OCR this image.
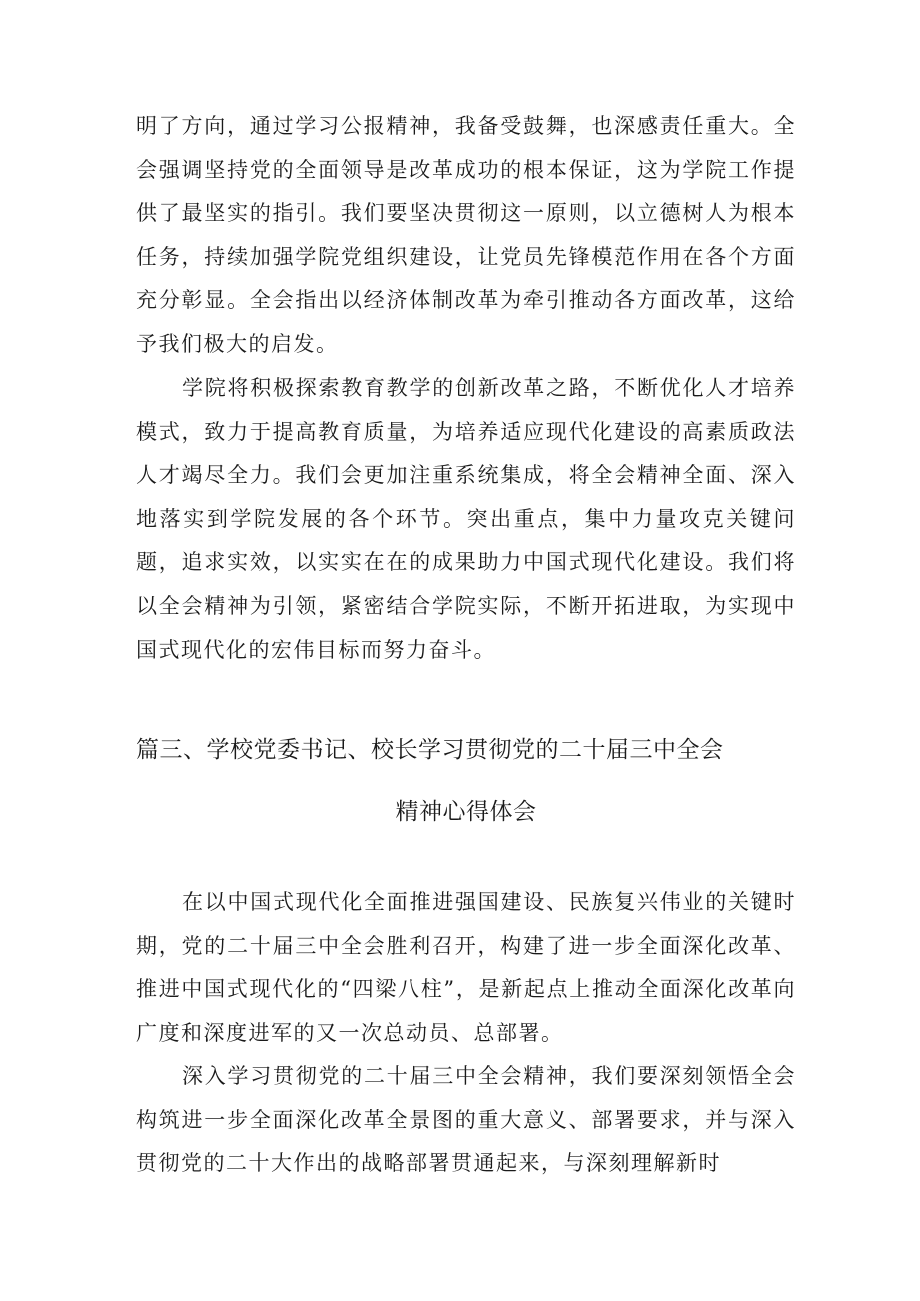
明了方向，通过学习公报精神，我备受鼓舞，也深感责任重大。全会强调坚持党的全面领导是改革成功的根本保证，这为学院工作提供了最坚实的指引。我们要坚决贯彻这一原则，以立德树人为根本任务，持续加强学院党组织建设，让党员先锋模范作用在各个方面充分彰显。全会指出以经济体制改革为牵引推动各方面改革，这给予我们极大的启发。

学院将积极探索教育教学的创新改革之路，不断优化人才培养模式，致力于提高教育质量，为培养适应现代化建设的高素质政法人才竭尽全力。我们会更加注重系统集成，将全会精神全面、深入地落实到学院发展的各个环节。突出重点，集中力量攻克关键问题，追求实效，以实实在在的成果助力中国式现代化建设。我们将以全会精神为引领，紧密结合学院实际，不断开拓进取，为实现中国式现代化的宏伟目标而努力奋斗。

篇三、学校党委书记、校长学习贯彻党的二十届三中全会
精神心得体会

在以中国式现代化全面推进强国建设、民族复兴伟业的关键时期，党的二十届三中全会胜利召开，构建了进一步全面深化改革、推进中国式现代化的“四梁八柱”，是新起点上推动全面深化改革向广度和深度进军的又一次总动员、总部署。

深入学习贯彻党的二十届三中全会精神，我们要深刻领悟全会构筑进一步全面深化改革全景图的重大意义、部署要求，并与深入贯彻党的二十大作出的战略部署贯通起来，与深刻理解新时
